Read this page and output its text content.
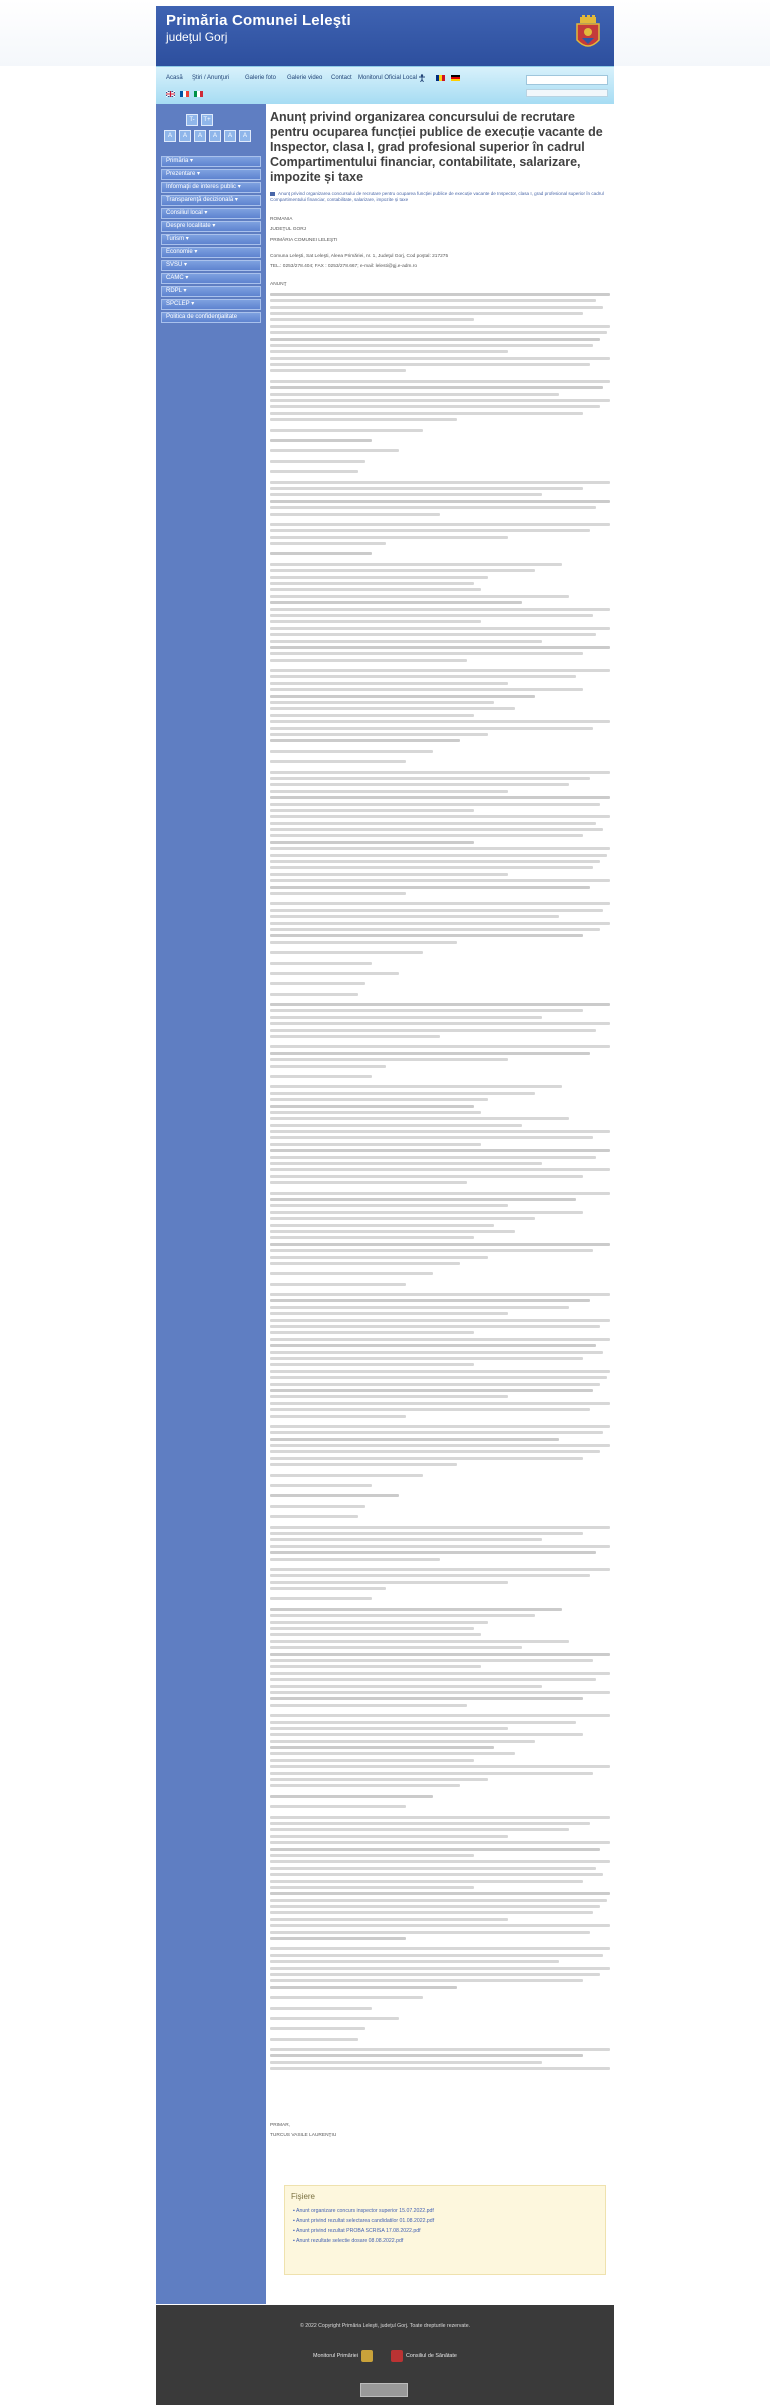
Primăria Comunei Leleşti
judeţul Gorj
Acasă Ştiri / Anunţuri	Galerie foto Galerie video Contact Monitorul Oficial Local
T-	T+
A	A	A	A	A	A
Primăria ▾
Prezentare ▾
Informaţii de interes public ▾
Transparenţă decizională ▾
Consiliul local ▾
Despre localitate ▾
Turism ▾
Economie ▾
SVSU ▾
CAMC ▾
RDPL ▾
SPCLEP ▾
Politica de confidenţialitate
Anunț privind organizarea concursului de recrutare pentru ocuparea funcției publice de execuție vacante de Inspector, clasa I, grad profesional superior în cadrul Compartimentului financiar, contabilitate, salarizare, impozite și taxe
Anunț privind organizarea concursului de recrutare pentru ocuparea funcției publice de execuție vacante de Inspector, clasa I, grad profesional superior în cadrul Compartimentului financiar, contabilitate, salarizare, impozite și taxe
ROMANIA
JUDEŢUL GORJ
PRIMĂRIA COMUNEI LELEŞTI
Comuna Leleşti, Sat Leleşti, Aleea Primăriei, nr. 1, Judeţul Gorj, Cod poştal: 217275
TEL.: 0253/278.404; FAX : 0253/278.667; e-mail: lelesti@gj.e-adm.ro
ANUNŢ
PRIMAR,
TURCUS VASILE LAURENŢIU
Fişiere
▪ Anunt organizare concurs inspector superior 15.07.2022.pdf
▪ Anunt privind rezultat selectarea candidatilor 01.08.2022.pdf
▪ Anunt privind rezultat PROBA SCRISA 17.08.2022.pdf
▪ Anunt rezultate selectie dosare 08.08.2022.pdf
© 2022 Copyright Primăria Leleşti, judeţul Gorj. Toate drepturile rezervate.
Monitorul Primăriei	Consiliul de Sănătate
